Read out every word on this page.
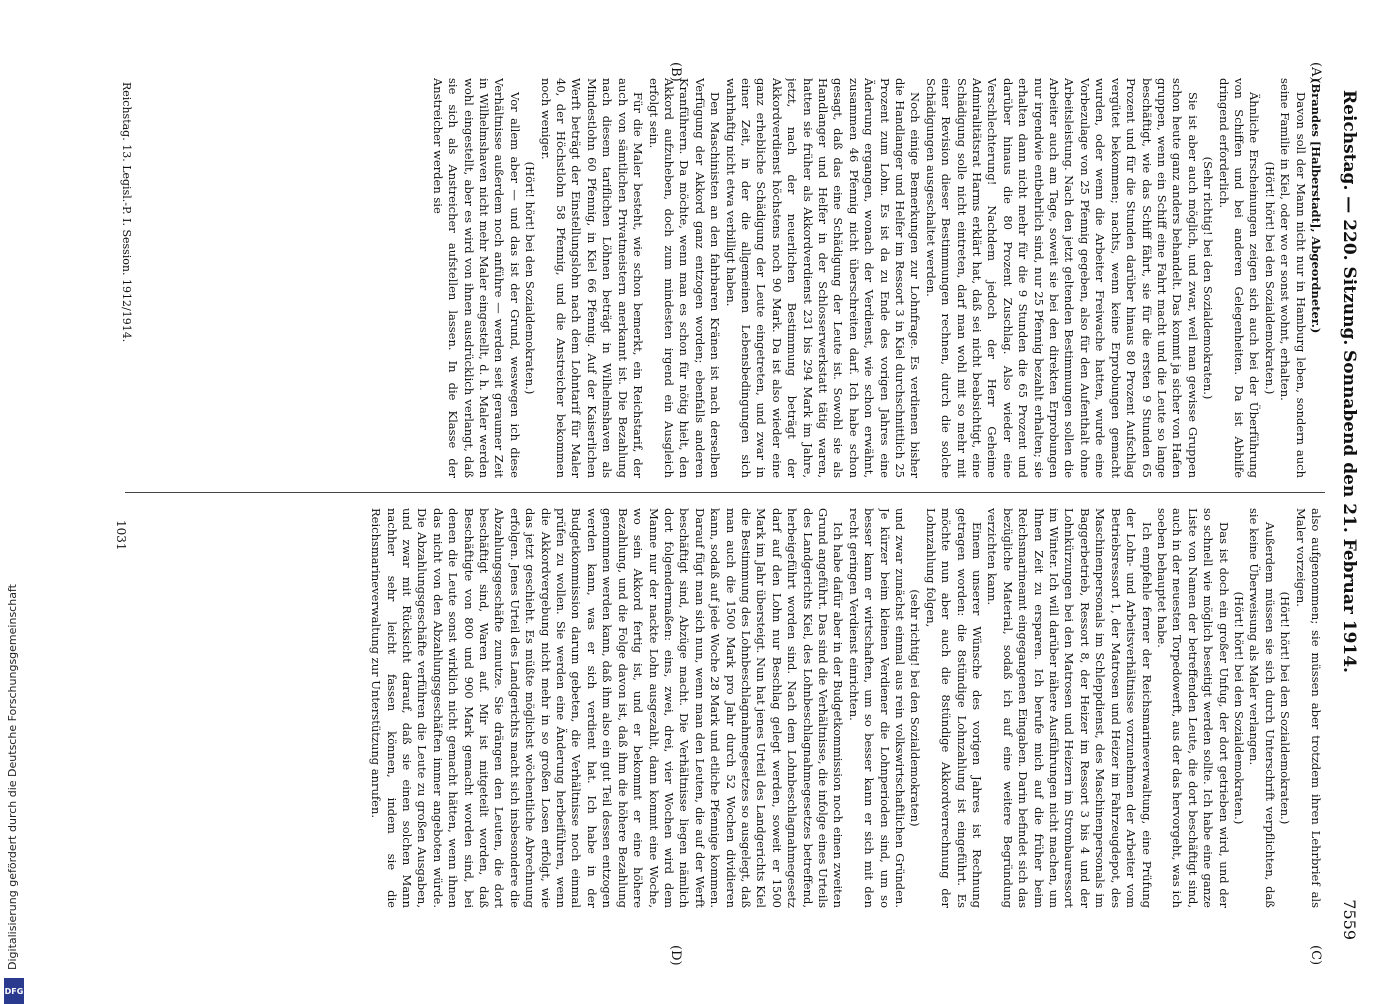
Digitalisierung gefördert durch die Deutsche Forschungsgemeinschaft
DFG
Reichstag. — 220. Sitzung.
Sonnabend den 21. Februar 1914.
7559
(A)
(B)
(C)
(D)

(Brandes [Halberstadt], Abgeordneter.)

Davon soll der Mann nicht nur in Hamburg leben, sondern auch seine Familie in Kiel, oder wo er sonst wohnt, erhalten.

(Hört! hört! bei den Sozialdemokraten.)

Ähnliche Erscheinungen zeigen sich auch bei der Überführung von Schiffen und bei anderen Gelegenheiten. Da ist Abhilfe dringend erforderlich.

(Sehr richtig! bei den Sozialdemokraten.)

Sie ist aber auch möglich, und zwar, weil man gewisse Gruppen schon heute ganz anders behandelt. Das kommt ja sicher von Hafen gruppen, wenn ein Schiff eine Fahrt macht und die Leute so lange beschäftigt, wie das Schiff fährt, sie für die ersten 9 Stunden 65 Prozent und für die Stunden darüber hinaus 80 Prozent Aufschlag vergütet bekommen; nachts, wenn keine Erprobungen gemacht wurden, oder wenn die Arbeiter Freiwache hatten, wurde eine Vorbezulage von 25 Pfennig gegeben, also für den Aufenthalt ohne Arbeitsleistung. Nach den jetzt geltenden Bestimmungen sollen die Arbeiter auch am Tage, soweit sie bei den direkten Erprobungen nur irgendwie entbehrlich sind, nur 25 Pfennig bezahlt erhalten; sie erhalten dann nicht mehr für die 9 Stunden die 65 Prozent und darüber hinaus die 80 Prozent Zuschlag. Also wieder eine Verschlechterung! Nachdem jedoch der Herr Geheime Admiralitätsrat Harms erklärt hat, daß sei nicht beabsichtigt, eine Schädigung solle nicht eintreten, darf man wohl mit so mehr mit einer Revision dieser Bestimmungen rechnen, durch die solche Schädigungen ausgeschaltet werden.

Noch einige Bemerkungen zur Lohnfrage. Es verdienen bisher die Handlanger und Helfer im Ressort 3 in Kiel durchschnittlich 25 Prozent zum Lohn. Es ist da zu Ende des vorigen Jahres eine Änderung ergangen, wonach der Verdienst, wie schon erwähnt, zusammen 46 Pfennig nicht überschreiten darf. Ich habe schon gesagt, daß das eine Schädigung der Leute ist. Sowohl sie als Handlanger und Helfer in der Schlosserwerkstatt tätig waren, hatten sie früher als Akkordverdienst 231 bis 294 Mark im Jahre, jetzt, nach der neuerlichen Bestimmung beträgt der Akkordverdienst höchstens noch 90 Mark. Da ist also wieder eine ganz erhebliche Schädigung der Leute eingetreten, und zwar in einer Zeit, in der die allgemeinen Lebensbedingungen sich wahrhaftig nicht etwa verbilligt haben.

Den Maschinisten an den fahrbaren Kränen ist nach derselben Verfügung der Akkord ganz entzogen worden; ebenfalls anderen Kranführern. Da möchte, wenn man es schon für nötig hielt, den Akkord aufzuheben, doch zum mindesten irgend ein Ausgleich erfolgt sein.

Für die Maler besteht, wie schon bemerkt, ein Reichstarif, der auch von sämtlichen Privatmeistern anerkannt ist. Die Bezahlung nach diesem tariflichen Löhnen beträgt in Wilhelmshaven als Mindestlohn 60 Pfennig, in Kiel 66 Pfennig. Auf der Kaiserlichen Werft beträgt der Einstellungslohn nach dem Lohntarif für Maler 40, der Höchstlohn 58 Pfennig, und die Anstreicher bekommen noch weniger.

(Hört! hört! bei den Sozialdemokraten.)

Vor allem aber — und das ist der Grund, weswegen ich diese Verhältnisse außerdem noch anführe — werden seit geraumer Zeit in Wilhelmshaven nicht mehr Maler eingestellt, d. h. Maler werden wohl eingestellt, aber es wird von ihnen ausdrücklich verlangt, daß sie sich als Anstreicher aufstellen lassen. In die Klasse der Anstreicher werden sie

also aufgenommen; sie müssen aber trotzdem ihren Lehrbrief als Maler vorzeigen.

(Hört! hört! bei den Sozialdemokraten.)

Außerdem müssen sie sich durch Unterschrift verpflichten, daß sie keine Überweisung als Maler verlangen.

(Hört! hört! bei den Sozialdemokraten.)

Das ist doch ein großer Unfug, der dort getrieben wird, und der so schnell wie möglich beseitigt werden sollte. Ich habe eine ganze Liste von Namen der betreffenden Leute, die dort beschäftigt sind, auch in der neuesten Torpedowerft, aus der das hervorgeht, was ich soeben behauptet habe.

Ich empfehle ferner der Reichsmarineverwaltung, eine Prüfung der Lohn- und Arbeitsverhältnisse vorzunehmen der Arbeiter vom Betriebsressort 1, der Matrosen und Heizer im Fahrzeugdepot, des Maschinenpersonals im Schleppdienst, des Maschinenpersonals im Baggerbetrieb, Ressort 8, der Heizer im Ressort 3 bis 4 und der Lohnkürzungen bei den Matrosen und Heizern im Strombauressort im Winter. Ich will darüber nähere Ausführungen nicht machen, um Ihnen Zeit zu ersparen. Ich berufe mich auf die früher beim Reichsmarineamt eingegangenen Eingaben. Darin befindet sich das bezügliche Material, sodaß ich auf eine weitere Begründung verzichten kann.

Einem unserer Wünsche des vorigen Jahres ist Rechnung getragen worden: die 8stündige Lohnzahlung ist eingeführt. Es möchte nun aber auch die 8stündige Akkordverrechnung der Lohnzahlung folgen,

(sehr richtig! bei den Sozialdemokraten)

und zwar zunächst einmal aus rein volkswirtschaftlichen Gründen. Je kürzer beim kleinen Verdiener die Lohnperioden sind, um so besser kann er wirtschaften, um so besser kann er sich mit den recht geringen Verdienst einrichten.

Ich habe dafür aber in der Budgetkommission noch einen zweiten Grund angeführt. Das sind die Verhältnisse, die infolge eines Urteils des Landgerichts Kiel, des Lohnbeschlagnahmegesetzes betreffend, herbeigeführt worden sind. Nach dem Lohnbeschlagnahmegesetz darf auf den Lohn nur Beschlag gelegt werden, soweit er 1500 Mark im Jahr übersteigt. Nun hat jenes Urteil des Landgerichts Kiel die Bestimmung des Lohnbeschlagnahmegesetzes so ausgelegt, daß man auch die 1500 Mark pro Jahr durch 52 Wochen dividieren kann, sodaß auf jede Woche 28 Mark und etliche Pfennige kommen. Darauf fügt man sich nun, wenn man den Leuten, die auf der Werft beschäftigt sind, Abzüge macht. Die Verhältnisse liegen nämlich dort folgendermaßen: eins, zwei, drei, vier Wochen wird dem Manne nur der nackte Lohn ausgezahlt, dann kommt eine Woche, wo sein Akkord fertig ist, und er bekommt er eine höhere Bezahlung, und die Folge davon ist, daß ihm die höhere Bezahlung genommen werden kann, daß ihm also ein gut Teil dessen entzogen werden kann, was er sich verdient hat. Ich habe in der Budgetkommission darum gebeten, die Verhältnisse noch einmal prüfen zu wollen. Sie werden eine Änderung herbeiführen, wenn die Akkordvergebung nicht mehr in so großen Losen erfolgt, wie das jetzt geschieht. Es müßte möglichst wöchentliche Abrechnung erfolgen. Jenes Urteil des Landgerichts macht sich insbesondere die Abzahlungsgeschäfte zunutze. Sie drängen den Leuten, die dort beschäftigt sind, Waren auf. Mir ist mitgeteilt worden, daß Beschäftigte von 800 und 900 Mark gemacht worden sind, bei denen die Leute sonst wirklich nicht gemacht hätten, wenn ihnen das nicht von den Abzahlungsgeschäften immer angeboten würde. Die Abzahlungsgeschäfte verführen die Leute zu großen Ausgaben, und zwar mit Rücksicht darauf, daß sie einen solchen Mann nachher sehr leicht fassen können, indem sie die Reichsmarineverwaltung zur Unterstützung anrufen.

Reichstag. 13. Legisl.-P. I. Session. 1912/1914.
1031
